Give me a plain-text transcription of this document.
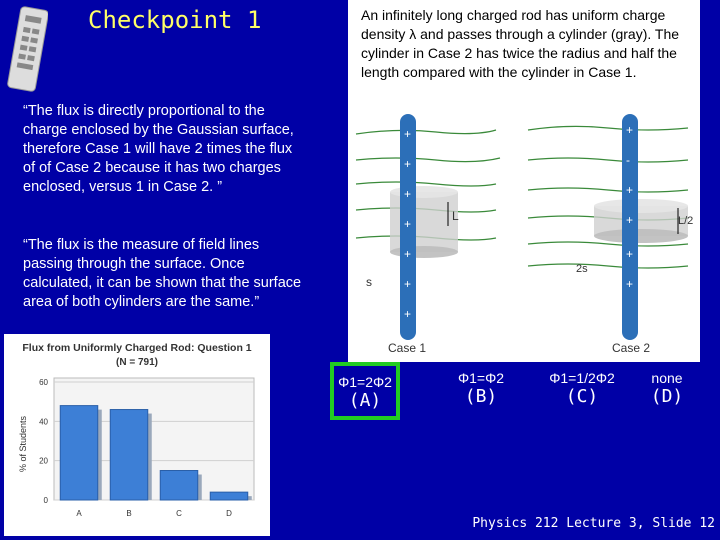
Checkpoint 1	An infinitely long charged rod has uniform charge density λ and passes through a cylinder (gray). The cylinder in Case 2 has twice the radius and half the length compared with the cylinder in Case 1.
+
+
+
+
+
+
+
L
s
+
-
+
+
+
+
L/2
2s
Case 1	Case 2
“The flux is directly proportional to the charge enclosed by the Gaussian surface, therefore Case 1 will have 2 times the flux of of Case 2 because it has two charges enclosed, versus 1 in Case 2. ”
“The flux is the measure of field lines passing through the surface. Once calculated, it can be shown that the surface area of both cylinders are the same.”
Flux from Uniformly Charged Rod: Question 1
(N = 791)
% of Students
0
20
40
60
A	B	C	D
Φ1=2Φ2
(A)
Φ1=Φ2
(B)
Φ1=1/2Φ2
(C)
none
(D)
Physics 212 Lecture 3, Slide 12
